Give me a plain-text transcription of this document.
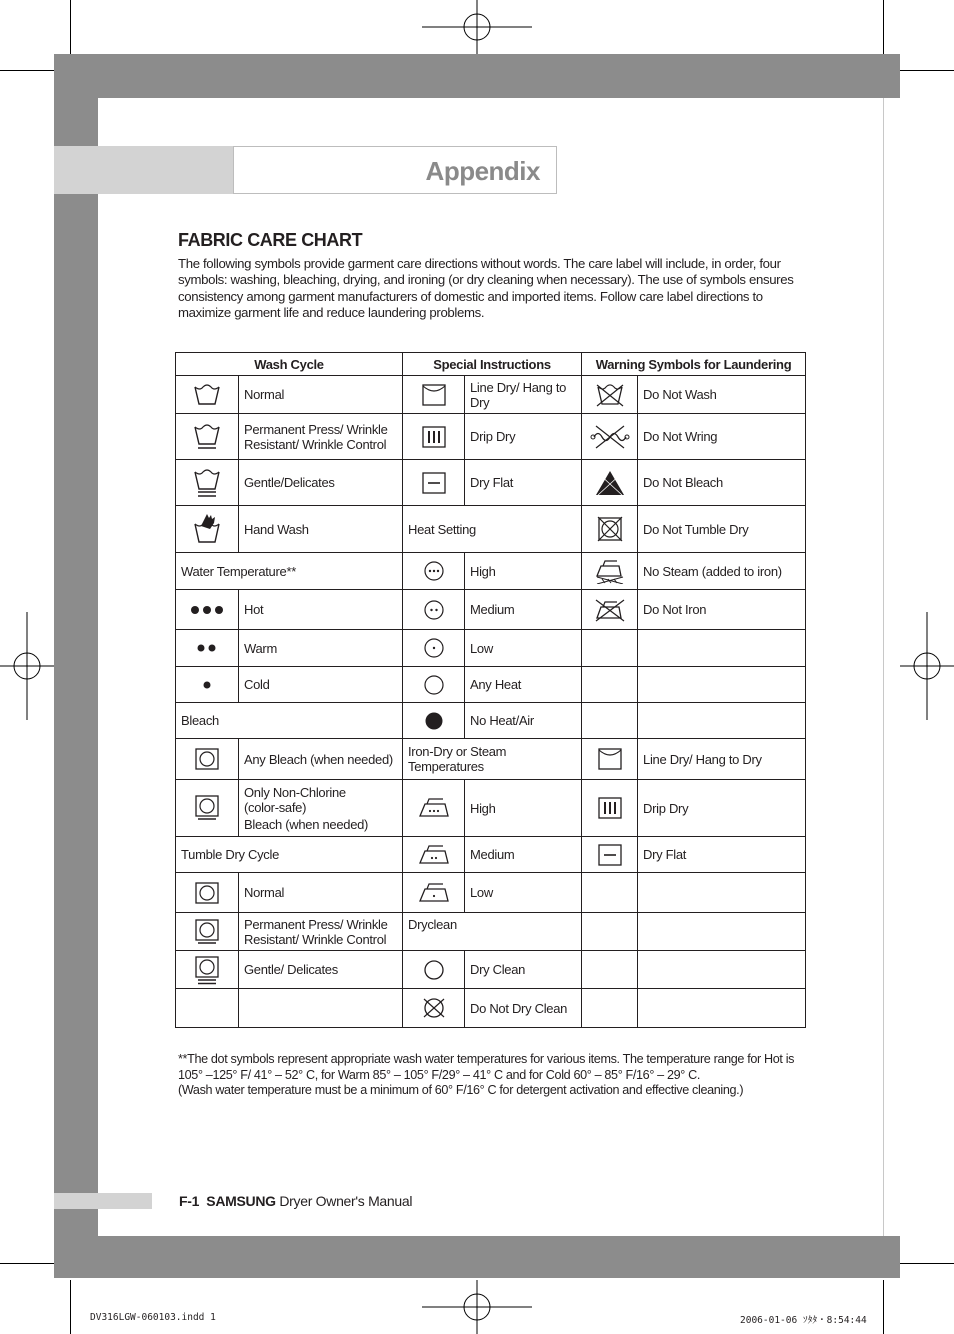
Appendix
FABRIC CARE CHART

The following symbols provide garment care directions without words. The care label will include, in order, four symbols: washing, bleaching, drying, and ironing (or dry cleaning when necessary). The use of symbols ensures consistency among garment manufacturers of domestic and imported items. Follow care label directions to maximize garment life and reduce laundering problems.

Wash Cycle		Special Instructions		Warning Symbols for Laundering	

	Normal		Line Dry/ Hang to Dry		Do Not Wash

	Permanent Press/ Wrinkle Resistant/ Wrinkle Control		Drip Dry		Do Not Wring

	Gentle/Delicates		Dry Flat		Do Not Bleach

	Hand Wash	Heat Setting			Do Not Tumble Dry
Water Temperature**			High		No Steam (added to iron)

	Hot		Medium		Do Not Iron

	Warm		Low		

	Cold		Any Heat		
Bleach			No Heat/Air		

	Any Bleach (when needed)	Iron-Dry or Steam Temperatures			Line Dry/ Hang to Dry

Only Non-Chlorine (color-safe)
Bleach (when needed)		High		Drip Dry
Tumble Dry Cycle			Medium		Dry Flat

	Normal		Low		

	Permanent Press/ Wrinkle Resistant/ Wrinkle Control	Dryclean			

	Gentle/ Delicates		Dry Clean		

	Do Not Dry Clean		
**The dot symbols represent appropriate wash water temperatures for various items. The temperature range for Hot is 105° –125° F/ 41° – 52° C, for Warm 85° – 105° F/29° – 41° C and for Cold 60° – 85° F/16° – 29° C.
(Wash water temperature must be a minimum of 60° F/16° C for detergent activation and effective cleaning.)
F-1 SAMSUNG Dryer Owner's Manual
DV316LGW-060103.indd 1	2006-01-06 ｿﾀﾀ・8:54:44
